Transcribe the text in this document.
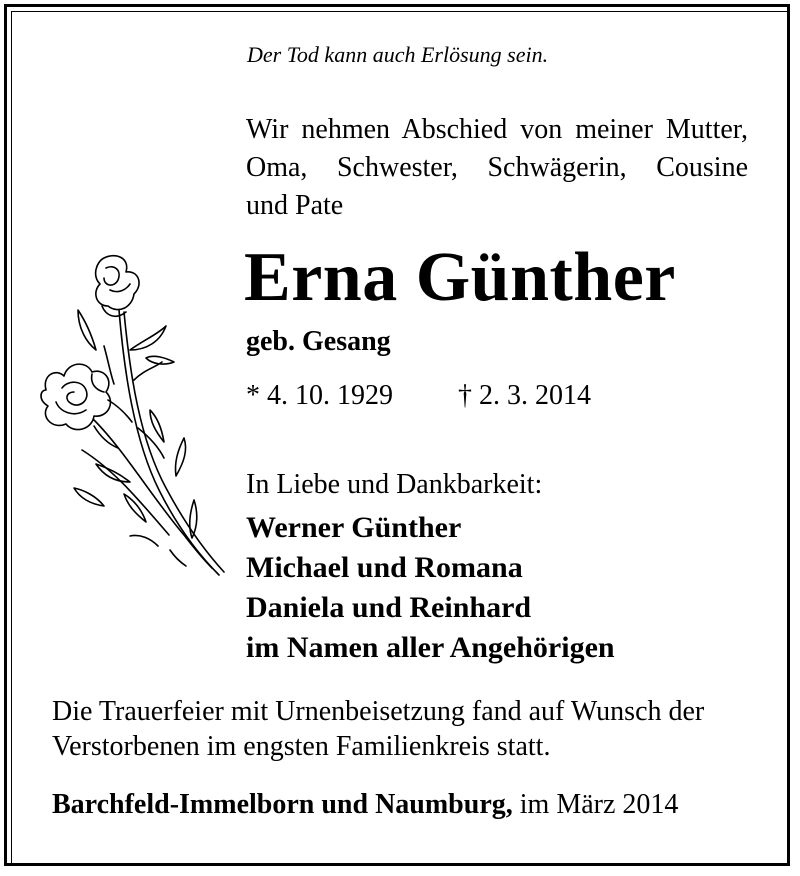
Der Tod kann auch Erlösung sein.
Wir nehmen Abschied von meiner Mutter,
Oma, Schwester, Schwägerin, Cousine
und Pate
Erna Günther
geb. Gesang
* 4. 10. 1929 † 2. 3. 2014
In Liebe und Dankbarkeit:
Werner Günther
Michael und Romana
Daniela und Reinhard
im Namen aller Angehörigen
Die Trauerfeier mit Urnenbeisetzung fand auf Wunsch der Verstorbenen im engsten Familienkreis statt.
Barchfeld-Immelborn und Naumburg, im März 2014
